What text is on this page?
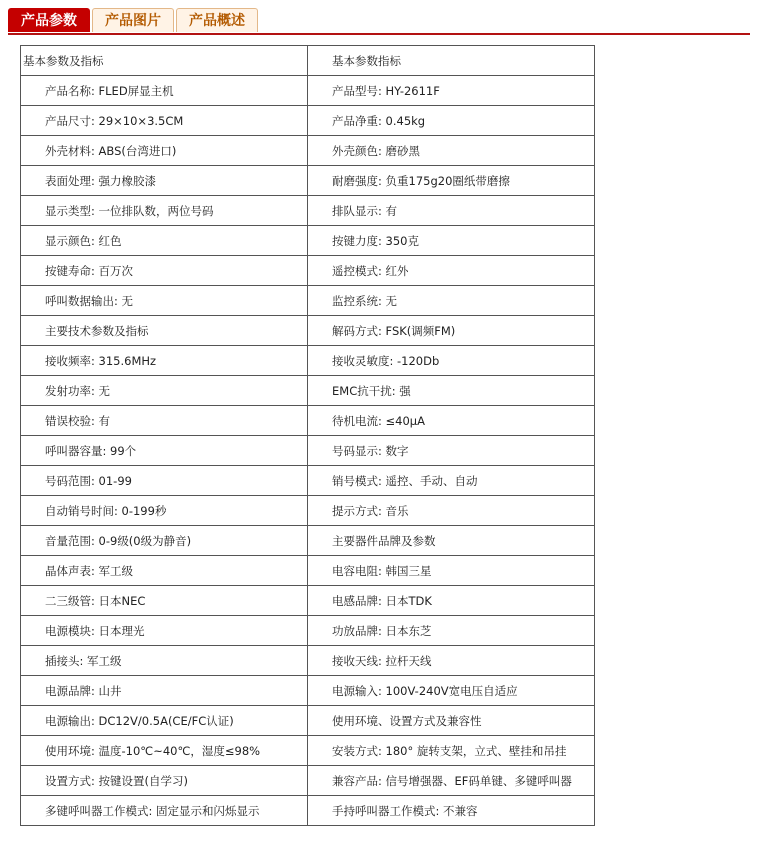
产品参数	产品图片	产品概述
基本参数及指标	基本参数指标
产品名称: FLED屏显主机	产品型号: HY-2611F
产品尺寸: 29×10×3.5CM	产品净重: 0.45kg
外壳材料: ABS(台湾进口)	外壳颜色: 磨砂黑
表面处理: 强力橡胶漆	耐磨强度: 负重175g20圈纸带磨擦
显示类型: 一位排队数，两位号码	排队显示: 有
显示颜色: 红色	按键力度: 350克
按键寿命: 百万次	遥控模式: 红外
呼叫数据输出: 无	监控系统: 无
主要技术参数及指标	解码方式: FSK(调频FM)
接收频率: 315.6MHz	接收灵敏度: -120Db
发射功率: 无	EMC抗干扰: 强
错误校验: 有	待机电流: ≤40μA
呼叫器容量: 99个	号码显示: 数字
号码范围: 01-99	销号模式: 遥控、手动、自动
自动销号时间: 0-199秒	提示方式: 音乐
音量范围: 0-9级(0级为静音)	主要器件品牌及参数
晶体声表: 军工级	电容电阻: 韩国三星
二三级管: 日本NEC	电感品牌: 日本TDK
电源模块: 日本理光	功放品牌: 日本东芝
插接头: 军工级	接收天线: 拉杆天线
电源品牌: 山井	电源输入: 100V-240V宽电压自适应
电源输出: DC12V/0.5A(CE/FC认证)	使用环境、设置方式及兼容性
使用环境: 温度-10℃~40℃，湿度≤98%	安装方式: 180° 旋转支架，立式、壁挂和吊挂
设置方式: 按键设置(自学习)	兼容产品: 信号增强器、EF码单键、多键呼叫器
多键呼叫器工作模式: 固定显示和闪烁显示	手持呼叫器工作模式: 不兼容
